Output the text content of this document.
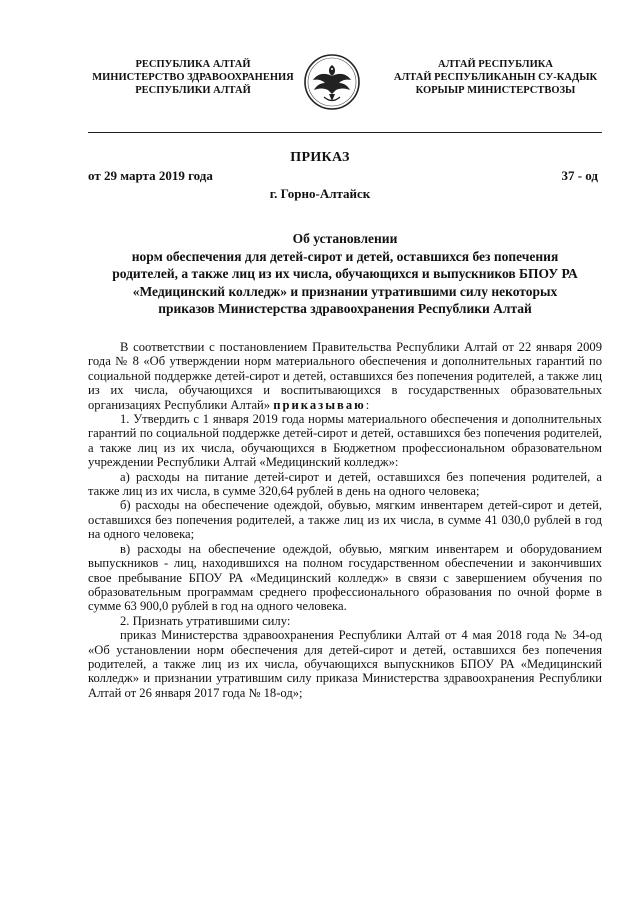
РЕСПУБЛИКА АЛТАЙ
МИНИСТЕРСТВО ЗДРАВООХРАНЕНИЯ
РЕСПУБЛИКИ АЛТАЙ
АЛТАЙ РЕСПУБЛИКА
АЛТАЙ РЕСПУБЛИКАНЫН СУ-КАДЫК
КОРЫЫР МИНИСТЕРСТВОЗЫ
ПРИКАЗ
от 29 марта 2019 года	37 - од
г. Горно-Алтайск
Об установлении
норм обеспечения для детей-сирот и детей, оставшихся без попечения
родителей, а также лиц из их числа, обучающихся и выпускников БПОУ РА
«Медицинский колледж» и признании утратившими силу некоторых
приказов Министерства здравоохранения Республики Алтай

В соответствии с постановлением Правительства Республики Алтай от 22 января 2009 года № 8 «Об утверждении норм материального обеспечения и дополнительных гарантий по социальной поддержке детей-сирот и детей, оставшихся без попечения родителей, а также лиц из их числа, обучающихся и воспитывающихся в государственных образовательных организациях Республики Алтай» приказываю:

1. Утвердить с 1 января 2019 года нормы материального обеспечения и дополнительных гарантий по социальной поддержке детей-сирот и детей, оставшихся без попечения родителей, а также лиц из их числа, обучающихся в Бюджетном профессиональном образовательном учреждении Республики Алтай «Медицинский колледж»:

а) расходы на питание детей-сирот и детей, оставшихся без попечения родителей, а также лиц из их числа, в сумме 320,64 рублей в день на одного человека;

б) расходы на обеспечение одеждой, обувью, мягким инвентарем детей-сирот и детей, оставшихся без попечения родителей, а также лиц из их числа, в сумме 41 030,0 рублей в год на одного человека;

в) расходы на обеспечение одеждой, обувью, мягким инвентарем и оборудованием выпускников - лиц, находившихся на полном государственном обеспечении и закончивших свое пребывание БПОУ РА «Медицинский колледж» в связи с завершением обучения по образовательным программам среднего профессионального образования по очной форме в сумме 63 900,0 рублей в год на одного человека.

2. Признать утратившими силу:

приказ Министерства здравоохранения Республики Алтай от 4 мая 2018 года № 34-од «Об установлении норм обеспечения для детей-сирот и детей, оставшихся без попечения родителей, а также лиц из их числа, обучающихся выпускников БПОУ РА «Медицинский колледж» и признании утратившим силу приказа Министерства здравоохранения Республики Алтай от 26 января 2017 года № 18-од»;
